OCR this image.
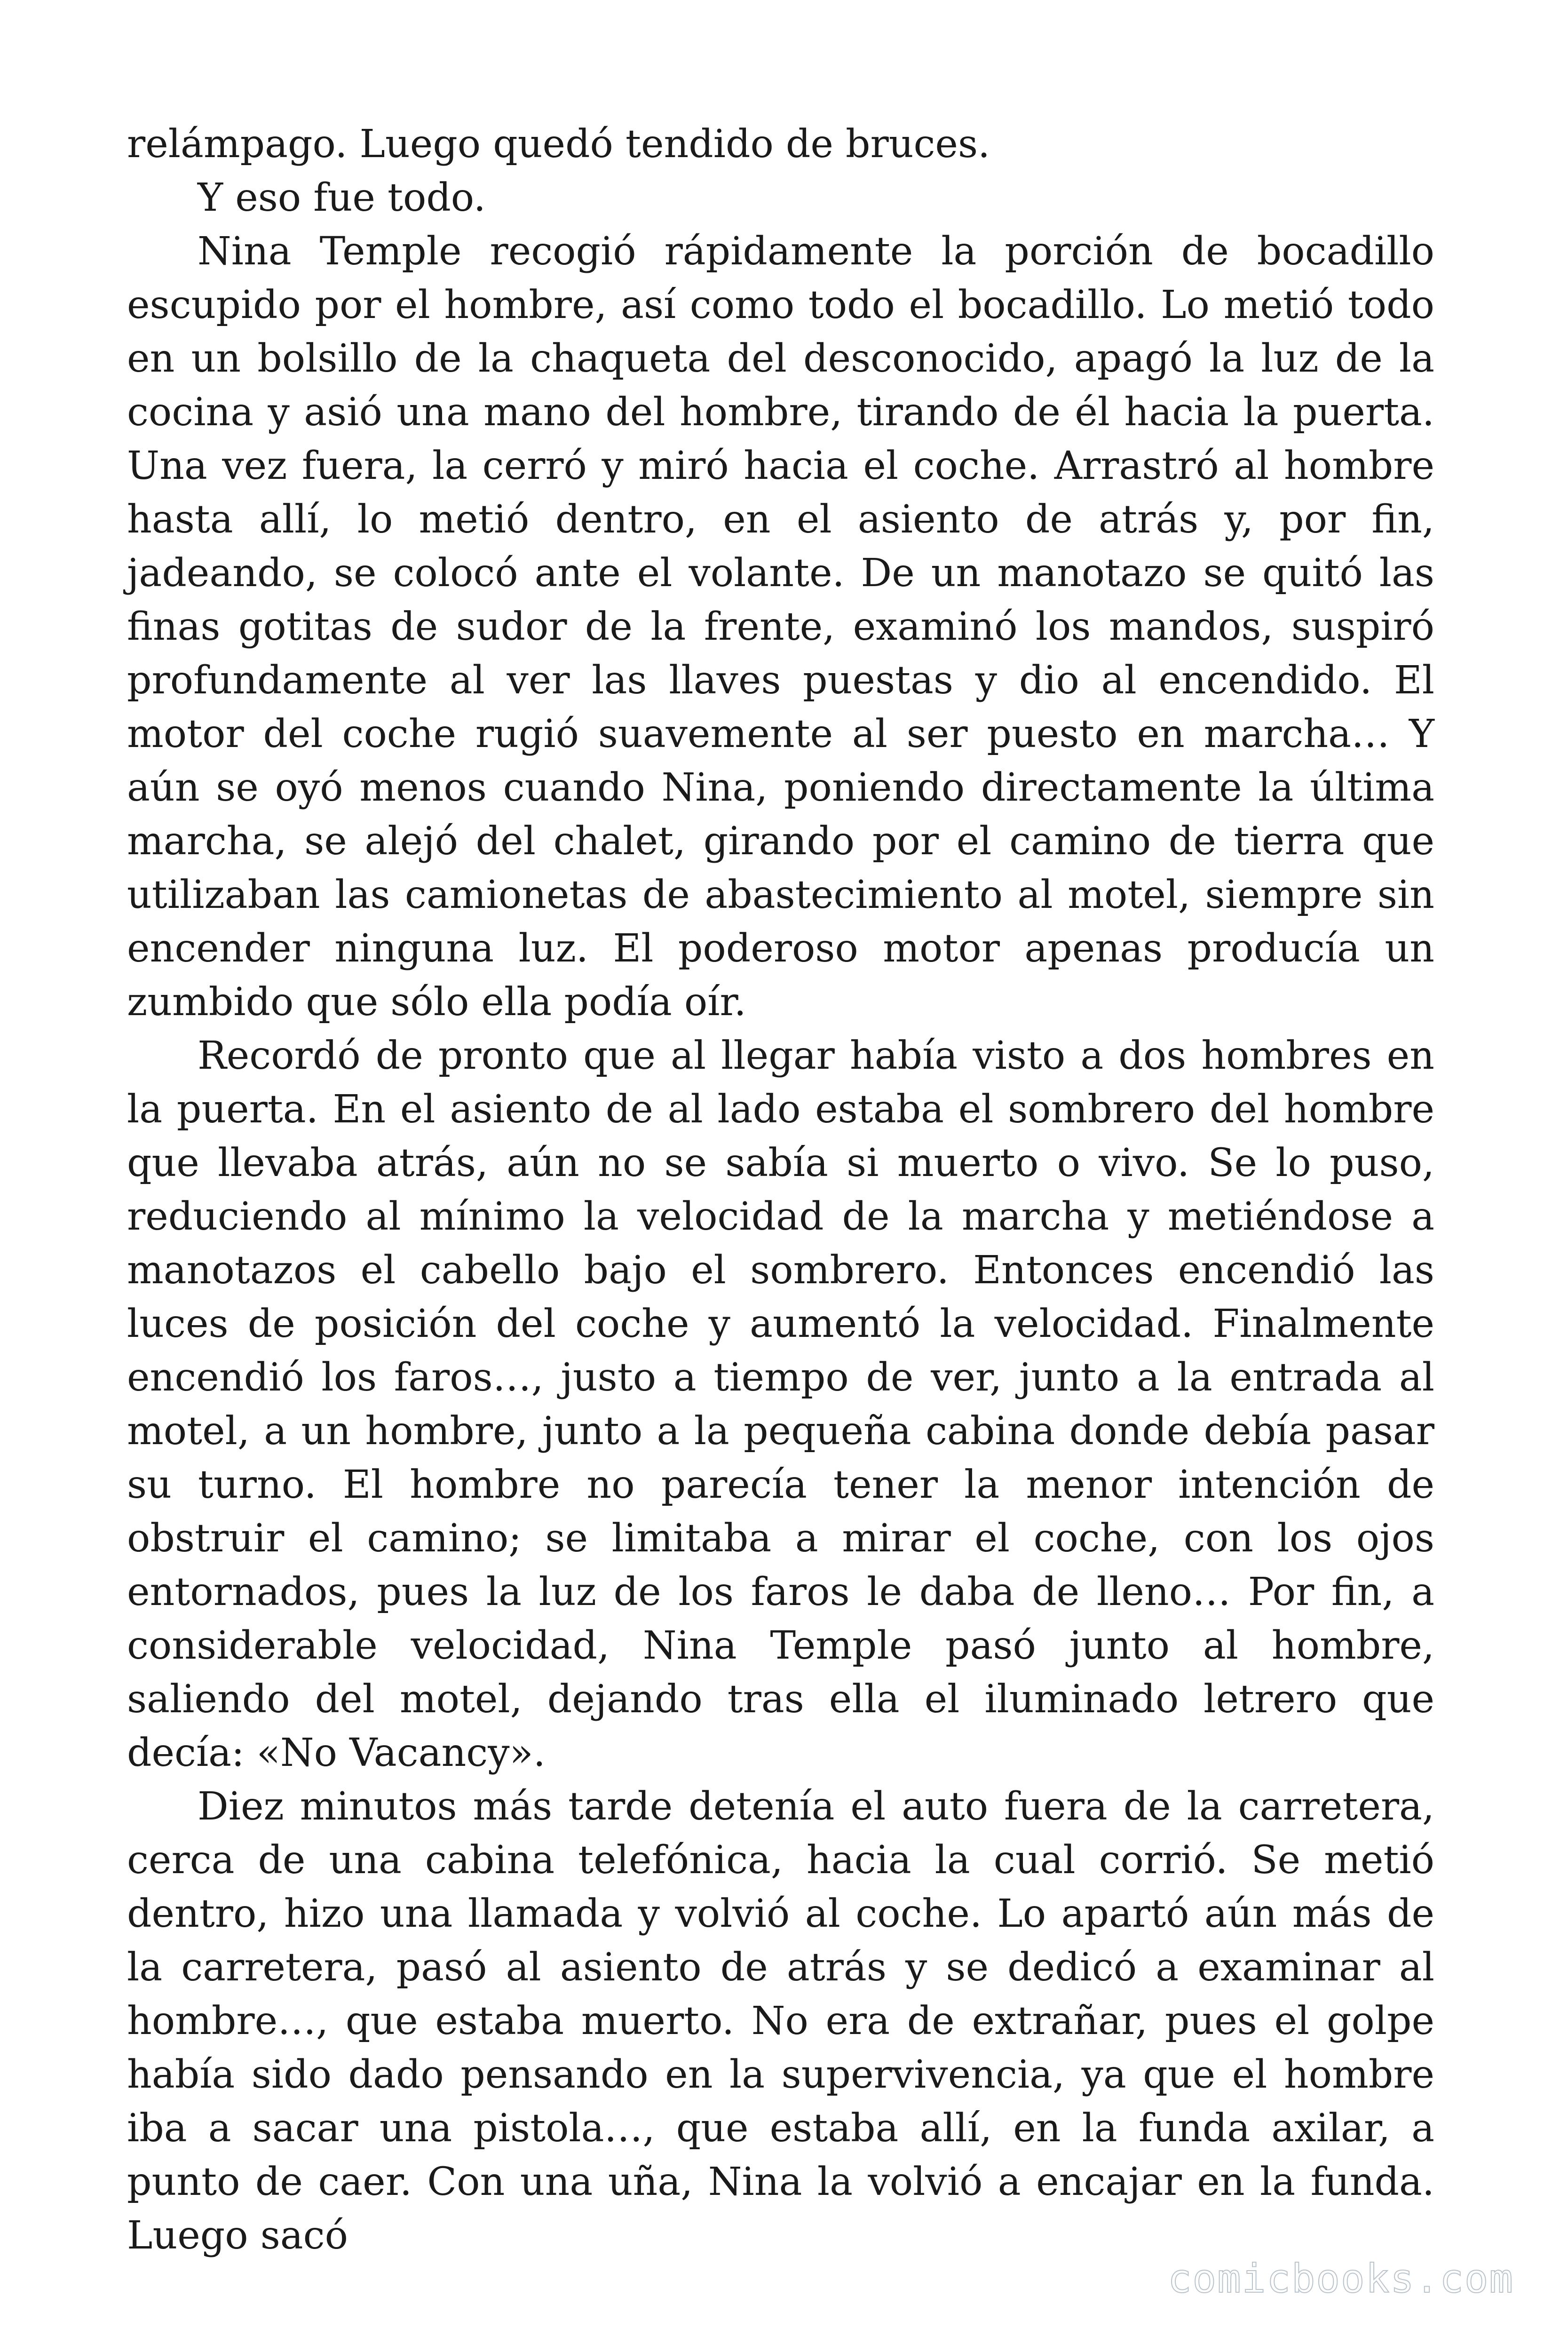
relámpago. Luego quedó tendido de bruces.

Y eso fue todo.

Nina Temple recogió rápidamente la porción de bocadillo escupido por el hombre, así como todo el bocadillo. Lo metió todo en un bolsillo de la chaqueta del desconocido, apagó la luz de la cocina y asió una mano del hombre, tirando de él hacia la puerta. Una vez fuera, la cerró y miró hacia el coche. Arrastró al hombre hasta allí, lo metió dentro, en el asiento de atrás y, por fin, jadeando, se colocó ante el volante. De un manotazo se quitó las finas gotitas de sudor de la frente, examinó los mandos, suspiró profundamente al ver las llaves puestas y dio al encendido. El motor del coche rugió suavemente al ser puesto en marcha… Y aún se oyó menos cuando Nina, poniendo directamente la última marcha, se alejó del chalet, girando por el camino de tierra que utilizaban las camionetas de abastecimiento al motel, siempre sin encender ninguna luz. El poderoso motor apenas producía un zumbido que sólo ella podía oír.

Recordó de pronto que al llegar había visto a dos hombres en la puerta. En el asiento de al lado estaba el sombrero del hombre que llevaba atrás, aún no se sabía si muerto o vivo. Se lo puso, reduciendo al mínimo la velocidad de la marcha y metiéndose a manotazos el cabello bajo el sombrero. Entonces encendió las luces de posición del coche y aumentó la velocidad. Finalmente encendió los faros…, justo a tiempo de ver, junto a la entrada al motel, a un hombre, junto a la pequeña cabina donde debía pasar su turno. El hombre no parecía tener la menor intención de obstruir el camino; se limitaba a mirar el coche, con los ojos entornados, pues la luz de los faros le daba de lleno… Por fin, a considerable velocidad, Nina Temple pasó junto al hombre, saliendo del motel, dejando tras ella el iluminado letrero que decía: «No Vacancy».

Diez minutos más tarde detenía el auto fuera de la carretera, cerca de una cabina telefónica, hacia la cual corrió. Se metió dentro, hizo una llamada y volvió al coche. Lo apartó aún más de la carretera, pasó al asiento de atrás y se dedicó a examinar al hombre…, que estaba muerto. No era de extrañar, pues el golpe había sido dado pensando en la supervivencia, ya que el hombre iba a sacar una pistola…, que estaba allí, en la funda axilar, a punto de caer. Con una uña, Nina la volvió a encajar en la funda. Luego sacó

comicbooks.com
